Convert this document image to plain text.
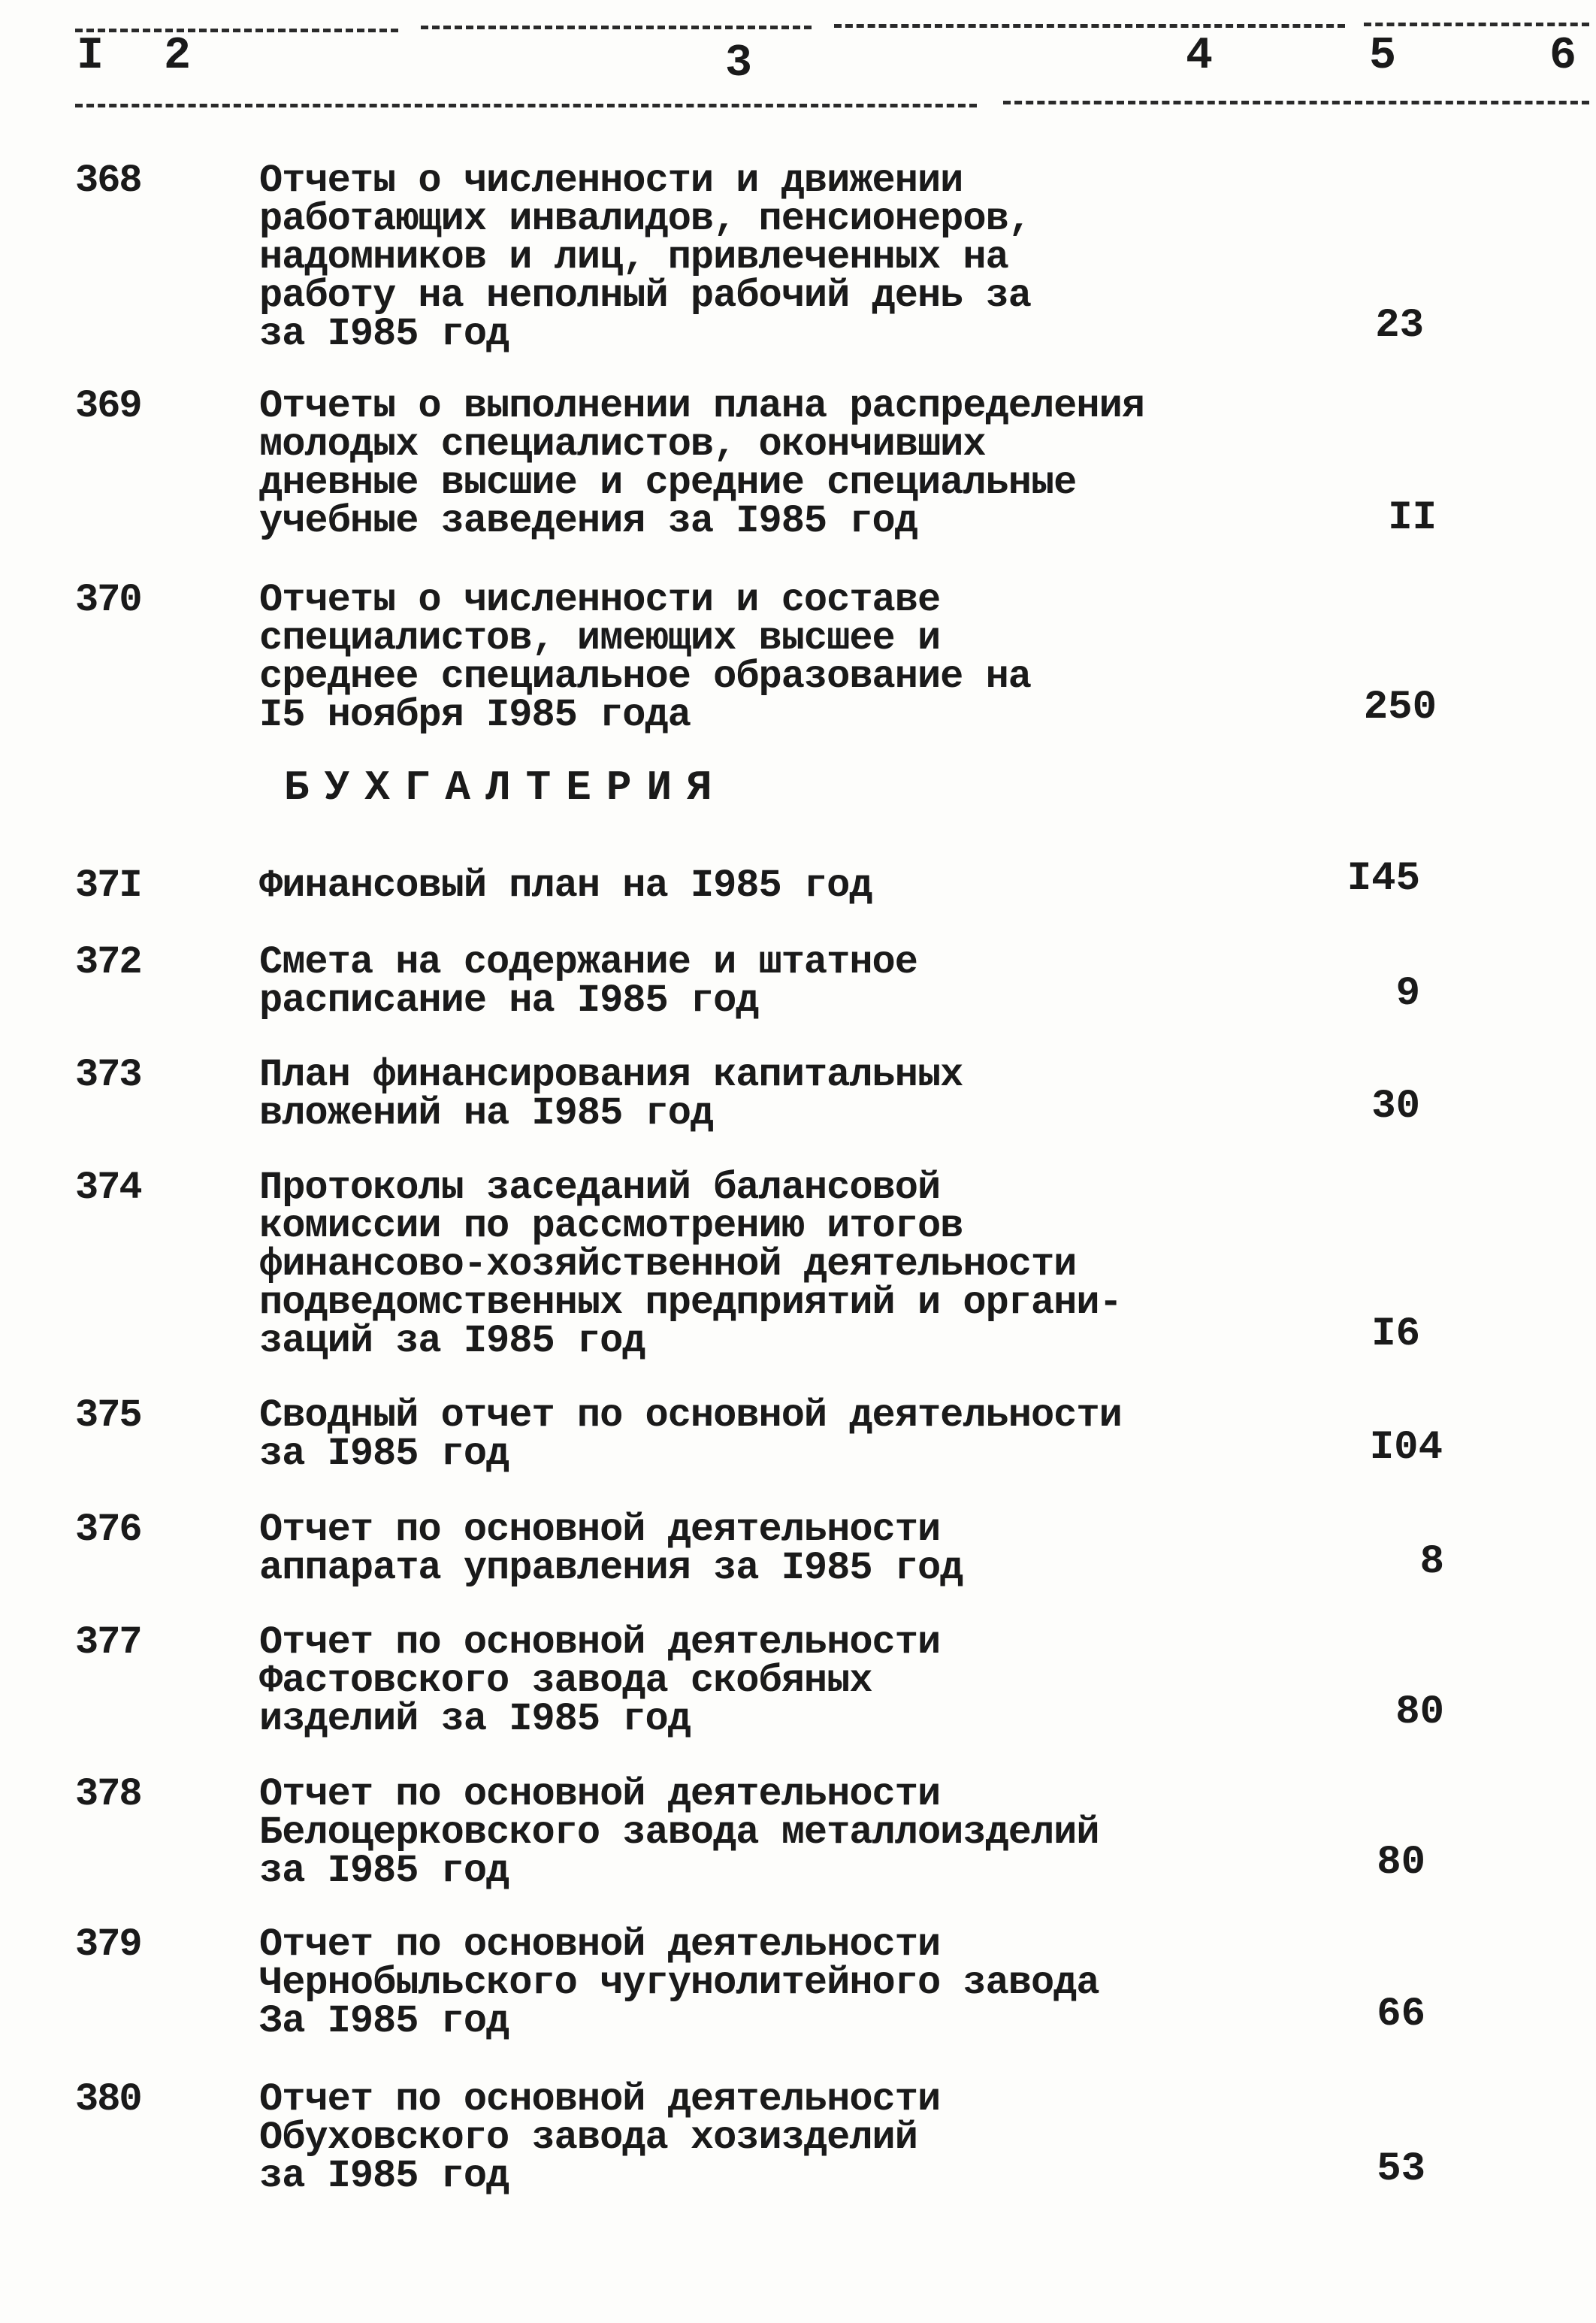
I 2	3	4	5	6
368	Отчеты о численности и движении
работающих инвалидов, пенсионеров,
надомников и лиц, привлеченных на
работу на неполный рабочий день за
за I985 год	23
369	Отчеты о выполнении плана распределения
молодых специалистов, окончивших
дневные высшие и средние специальные
учебные заведения за I985 год	II
370	Отчеты о численности и составе
специалистов, имеющих высшее и
среднее специальное образование на
I5 ноября I985 года	250
БУХГАЛТЕРИЯ
37I	Финансовый план на I985 год	I45
372	Смета на содержание и штатное
расписание на I985 год	9
373	План финансирования капитальных
вложений на I985 год	30
374	Протоколы заседаний балансовой
комиссии по рассмотрению итогов
финансово-хозяйственной деятельности
подведомственных предприятий и органи-
заций за I985 год	I6
375	Сводный отчет по основной деятельности
за I985 год	I04
376	Отчет по основной деятельности
аппарата управления за I985 год	8
377	Отчет по основной деятельности
Фастовского завода скобяных
изделий за I985 год	80
378	Отчет по основной деятельности
Белоцерковского завода металлоизделий
за I985 год	80
379	Отчет по основной деятельности
Чернобыльского чугунолитейного завода
За I985 год	66
380	Отчет по основной деятельности
Обуховского завода хозизделий
за I985 год	53
